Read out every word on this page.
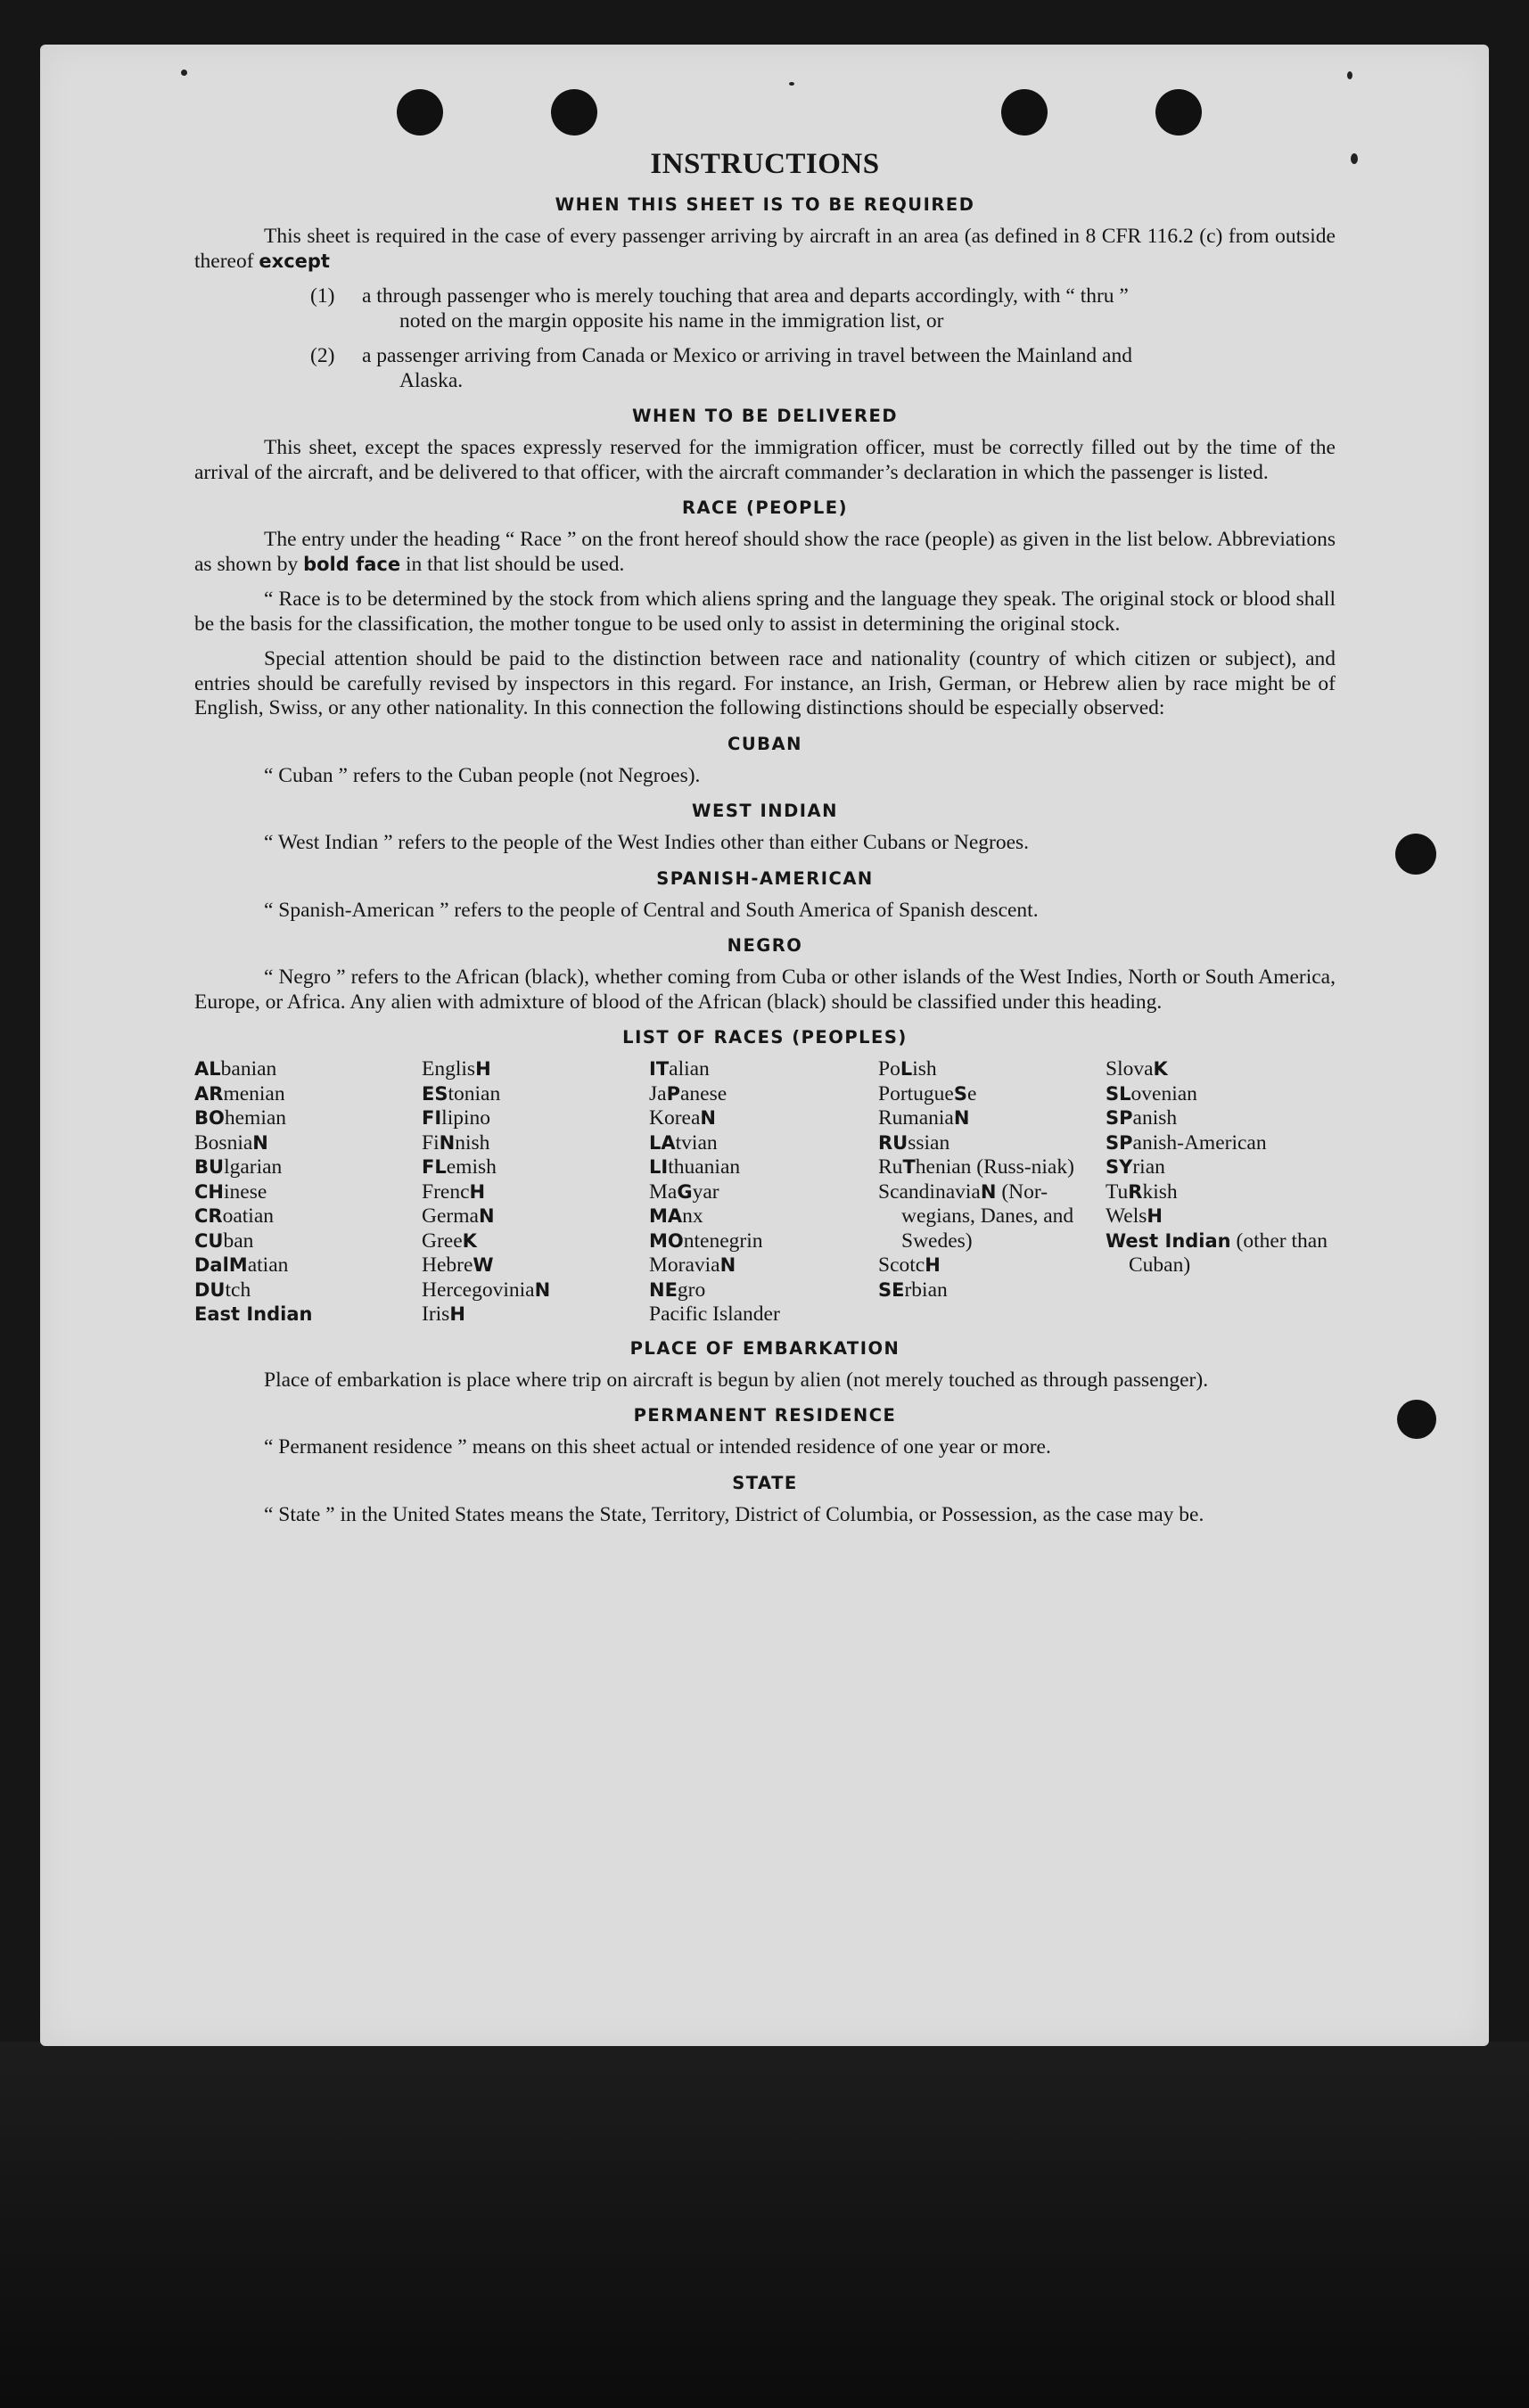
INSTRUCTIONS
WHEN THIS SHEET IS TO BE REQUIRED

This sheet is required in the case of every passenger arriving by aircraft in an area (as defined in 8 CFR 116.2 (c) from outside thereof except

(1)	a through passenger who is merely touching that area and departs accordingly, with “ thru ”
noted on the margin opposite his name in the immigration list, or
(2)	a passenger arriving from Canada or Mexico or arriving in travel between the Mainland and
Alaska.
WHEN TO BE DELIVERED

This sheet, except the spaces expressly reserved for the immigration officer, must be correctly filled out by the time of the arrival of the aircraft, and be delivered to that officer, with the aircraft commander’s declaration in which the passenger is listed.

RACE (PEOPLE)

The entry under the heading “ Race ” on the front hereof should show the race (people) as given in the list below. Abbreviations as shown by bold face in that list should be used.

“ Race is to be determined by the stock from which aliens spring and the language they speak. The original stock or blood shall be the basis for the classification, the mother tongue to be used only to assist in determining the original stock.

Special attention should be paid to the distinction between race and nationality (country of which citizen or subject), and entries should be carefully revised by inspectors in this regard. For instance, an Irish, German, or Hebrew alien by race might be of English, Swiss, or any other nationality. In this connection the following distinctions should be especially observed:

CUBAN

“ Cuban ” refers to the Cuban people (not Negroes).

WEST INDIAN

“ West Indian ” refers to the people of the West Indies other than either Cubans or Negroes.

SPANISH-AMERICAN

“ Spanish-American ” refers to the people of Central and South America of Spanish descent.

NEGRO

“ Negro ” refers to the African (black), whether coming from Cuba or other islands of the West Indies, North or South America, Europe, or Africa. Any alien with admixture of blood of the African (black) should be classified under this heading.

LIST OF RACES (PEOPLES)
ALbanian
ARmenian
BOhemian
BosniaN
BUlgarian
CHinese
CRoatian
CUban
DalMatian
DUtch
East Indian
EnglisH
EStonian
FIlipino
FiNnish
FLemish
FrencH
GermaN
GreeK
HebreW
HercegoviniaN
IrisH
ITalian
JaPanese
KoreaN
LAtvian
LIthuanian
MaGyar
MAnx
MOntenegrin
MoraviaN
NEgro
Pacific Islander
PoLish
PortugueSe
RumaniaN
RUssian
RuThenian (Russ-niak)
ScandinaviaN (Nor-wegians, Danes, and Swedes)
ScotcH
SErbian
SlovaK
SLovenian
SPanish
SPanish-American
SYrian
TuRkish
WelsH
West Indian (other than Cuban)
PLACE OF EMBARKATION

Place of embarkation is place where trip on aircraft is begun by alien (not merely touched as through passenger).

PERMANENT RESIDENCE

“ Permanent residence ” means on this sheet actual or intended residence of one year or more.

STATE

“ State ” in the United States means the State, Territory, District of Columbia, or Possession, as the case may be.
